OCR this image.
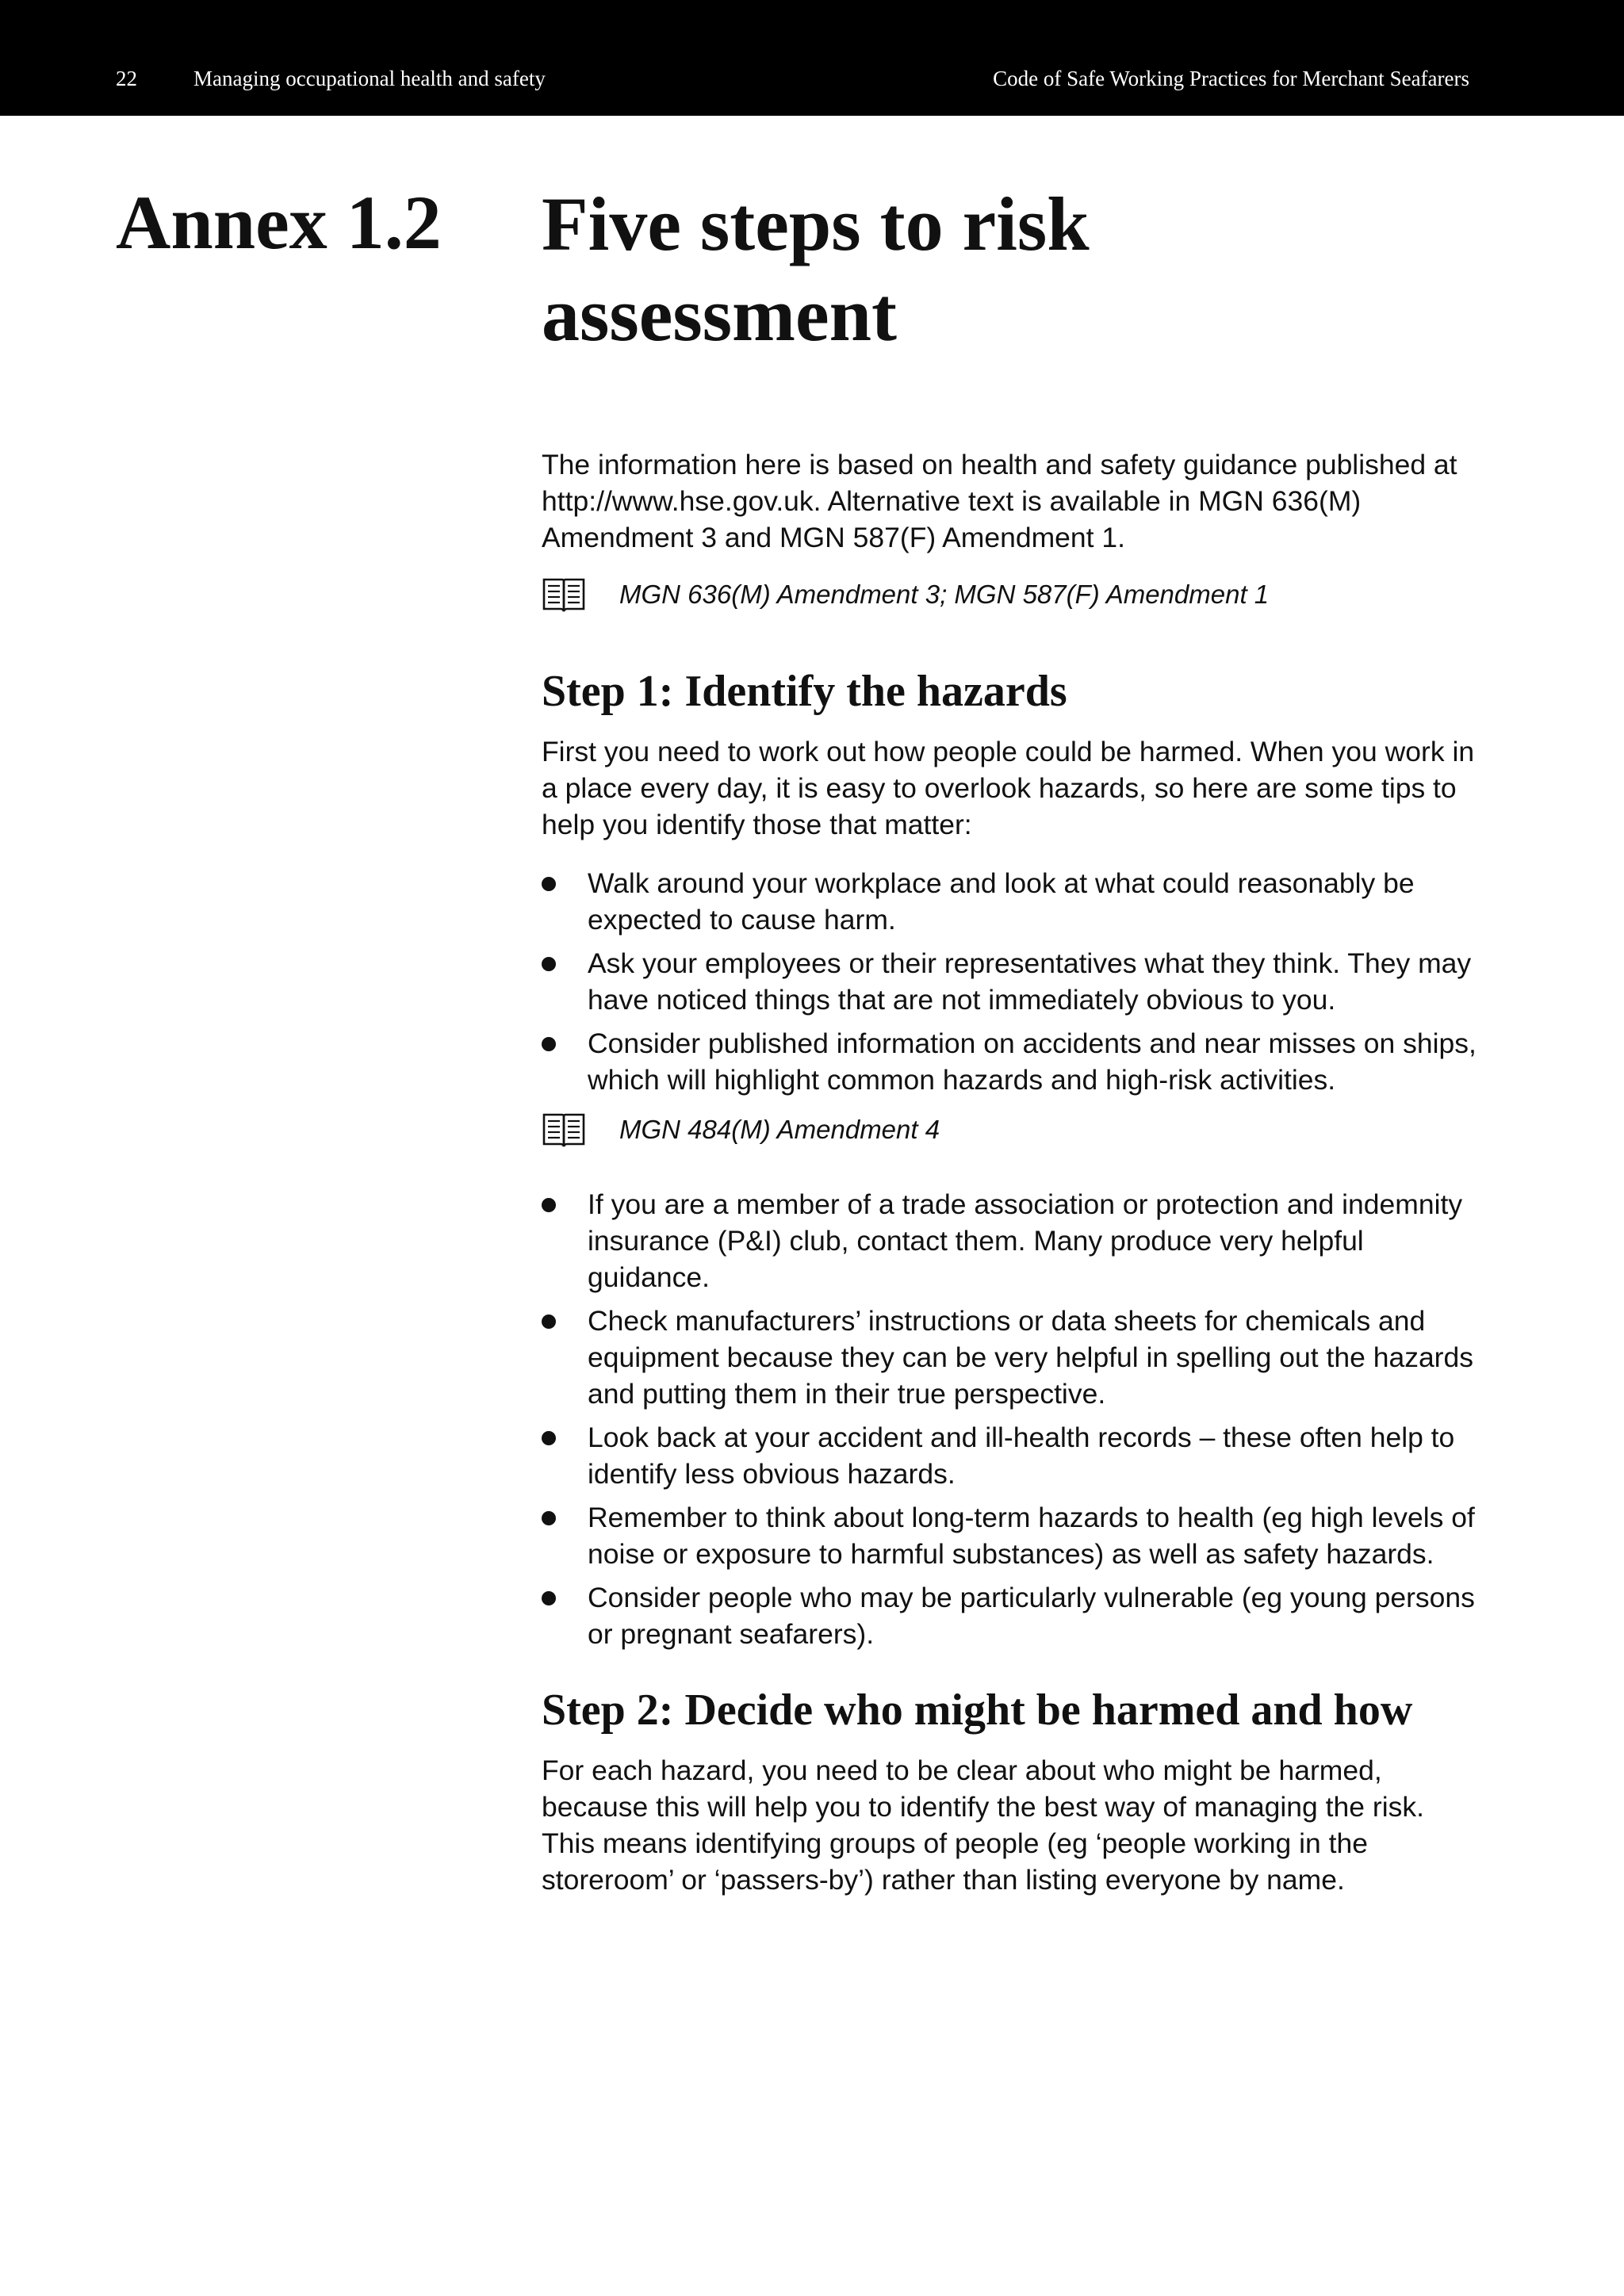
22	Managing occupational health and safety	Code of Safe Working Practices for Merchant Seafarers
Annex 1.2 Five steps to risk
assessment

The information here is based on health and safety guidance published at http://www.hse.gov.uk. Alternative text is available in MGN 636(M) Amendment 3 and MGN 587(F) Amendment 1.

MGN 636(M) Amendment 3; MGN 587(F) Amendment 1
Step 1: Identify the hazards

First you need to work out how people could be harmed. When you work in a place every day, it is easy to overlook hazards, so here are some tips to help you identify those that matter:

Walk around your workplace and look at what could reasonably be expected to cause harm.
Ask your employees or their representatives what they think. They may have noticed things that are not immediately obvious to you.
Consider published information on accidents and near misses on ships, which will highlight common hazards and high-risk activities.
MGN 484(M) Amendment 4
If you are a member of a trade association or protection and indemnity insurance (P&I) club, contact them. Many produce very helpful guidance.
Check manufacturers’ instructions or data sheets for chemicals and equipment because they can be very helpful in spelling out the hazards and putting them in their true perspective.
Look back at your accident and ill-health records – these often help to identify less obvious hazards.
Remember to think about long-term hazards to health (eg high levels of noise or exposure to harmful substances) as well as safety hazards.
Consider people who may be particularly vulnerable (eg young persons or pregnant seafarers).
Step 2: Decide who might be harmed and how

For each hazard, you need to be clear about who might be harmed, because this will help you to identify the best way of managing the risk. This means identifying groups of people (eg ‘people working in the storeroom’ or ‘passers-by’) rather than listing everyone by name.
